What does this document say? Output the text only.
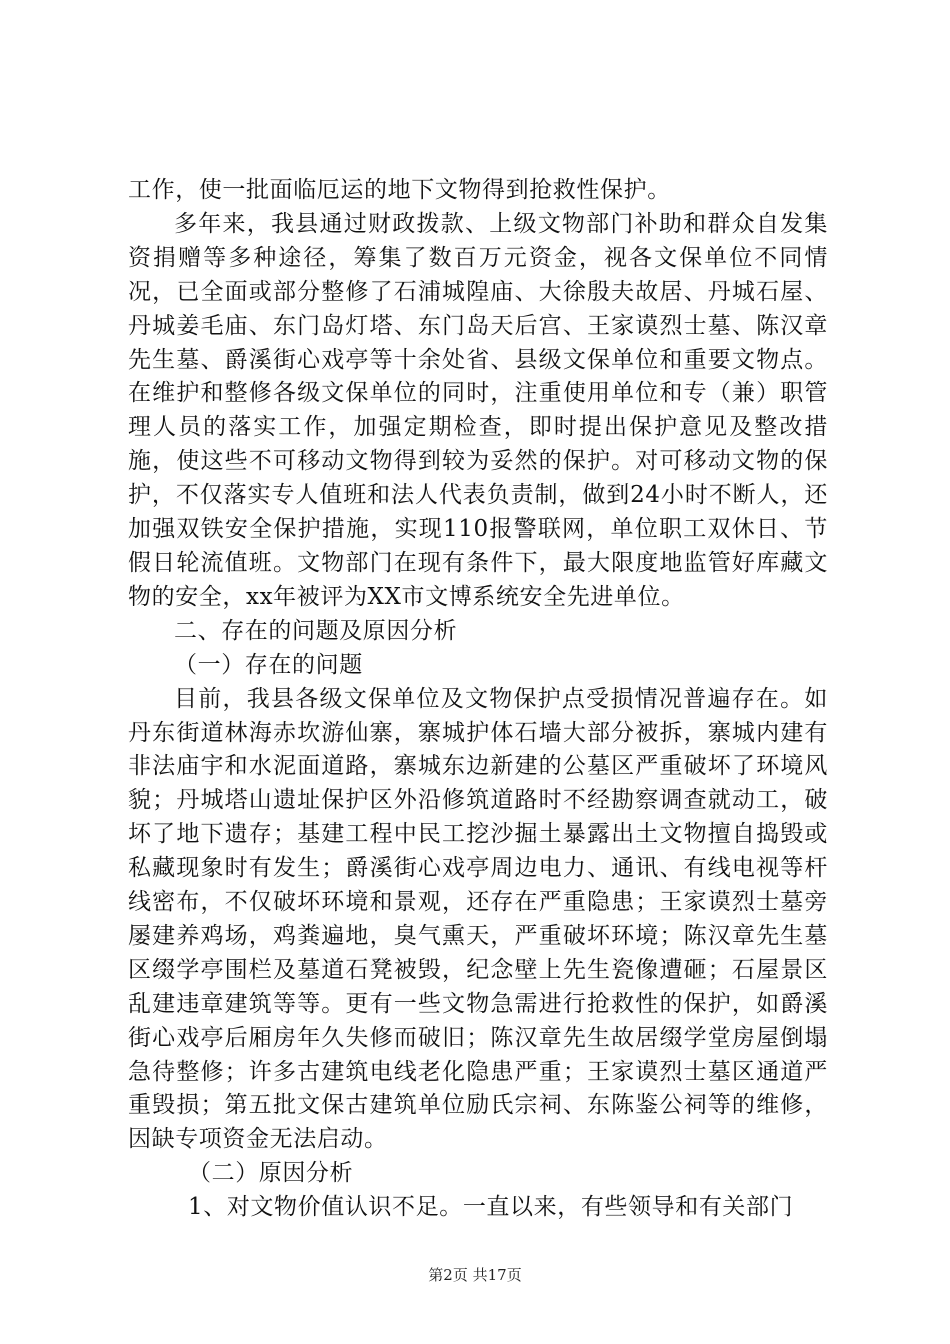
工作，使一批面临厄运的地下文物得到抢救性保护。

多年来，我县通过财政拨款、上级文物部门补助和群众自发集资捐赠等多种途径，筹集了数百万元资金，视各文保单位不同情况，已全面或部分整修了石浦城隍庙、大徐殷夫故居、丹城石屋、丹城姜毛庙、东门岛灯塔、东门岛天后宫、王家谟烈士墓、陈汉章先生墓、爵溪街心戏亭等十余处省、县级文保单位和重要文物点。在维护和整修各级文保单位的同时，注重使用单位和专（兼）职管理人员的落实工作，加强定期检查，即时提出保护意见及整改措施，使这些不可移动文物得到较为妥然的保护。对可移动文物的保护，不仅落实专人值班和法人代表负责制，做到24小时不断人，还加强双铁安全保护措施，实现110报警联网，单位职工双休日、节假日轮流值班。文物部门在现有条件下，最大限度地监管好库藏文物的安全，xx年被评为XX市文博系统安全先进单位。

二、存在的问题及原因分析

（一）存在的问题

目前，我县各级文保单位及文物保护点受损情况普遍存在。如丹东街道林海赤坎游仙寨，寨城护体石墙大部分被拆，寨城内建有非法庙宇和水泥面道路，寨城东边新建的公墓区严重破坏了环境风貌；丹城塔山遗址保护区外沿修筑道路时不经勘察调查就动工，破坏了地下遗存；基建工程中民工挖沙掘土暴露出土文物擅自捣毁或私藏现象时有发生；爵溪街心戏亭周边电力、通讯、有线电视等杆线密布，不仅破坏环境和景观，还存在严重隐患；王家谟烈士墓旁屡建养鸡场，鸡粪遍地，臭气熏天，严重破坏环境；陈汉章先生墓区缀学亭围栏及墓道石凳被毁，纪念壁上先生瓷像遭砸；石屋景区乱建违章建筑等等。更有一些文物急需进行抢救性的保护，如爵溪街心戏亭后厢房年久失修而破旧；陈汉章先生故居缀学堂房屋倒塌急待整修；许多古建筑电线老化隐患严重；王家谟烈士墓区通道严重毁损；第五批文保古建筑单位励氏宗祠、东陈鉴公祠等的维修，因缺专项资金无法启动。

（二）原因分析

1、对文物价值认识不足。一直以来，有些领导和有关部门

第2页 共17页
